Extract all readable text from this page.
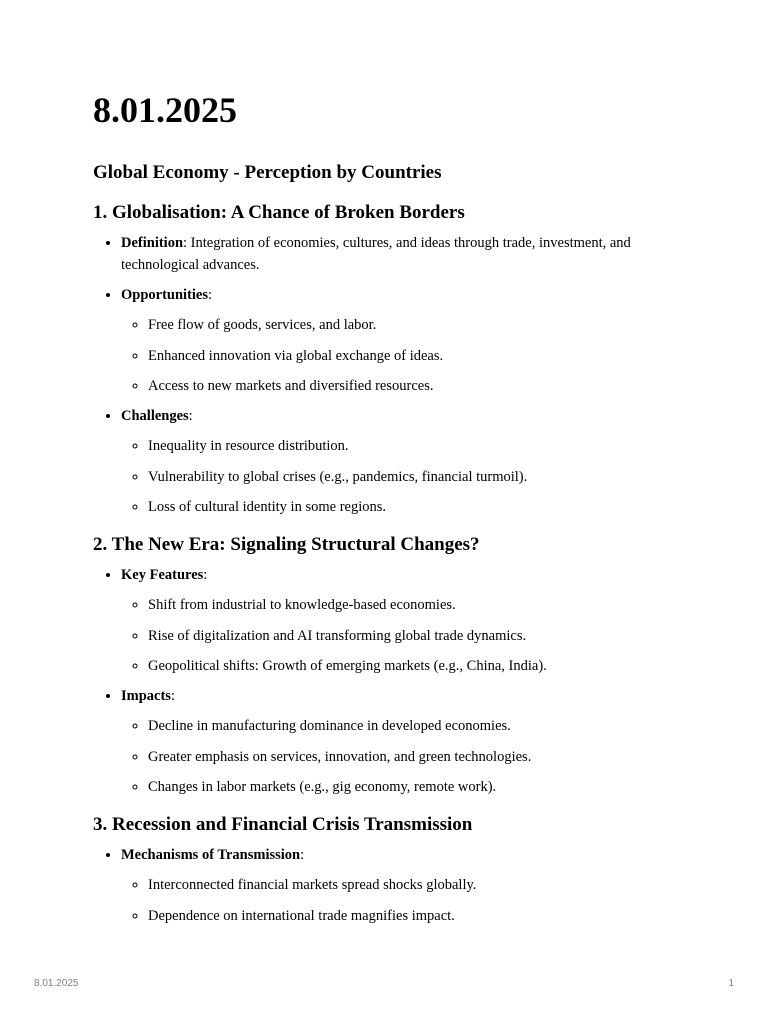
8.01.2025
Global Economy - Perception by Countries
1. Globalisation: A Chance of Broken Borders
• Definition: Integration of economies, cultures, and ideas through trade, investment, and technological advances.
• Opportunities:
◦ Free flow of goods, services, and labor.
◦ Enhanced innovation via global exchange of ideas.
◦ Access to new markets and diversified resources.
• Challenges:
◦ Inequality in resource distribution.
◦ Vulnerability to global crises (e.g., pandemics, financial turmoil).
◦ Loss of cultural identity in some regions.
2. The New Era: Signaling Structural Changes?
• Key Features:
◦ Shift from industrial to knowledge-based economies.
◦ Rise of digitalization and AI transforming global trade dynamics.
◦ Geopolitical shifts: Growth of emerging markets (e.g., China, India).
• Impacts:
◦ Decline in manufacturing dominance in developed economies.
◦ Greater emphasis on services, innovation, and green technologies.
◦ Changes in labor markets (e.g., gig economy, remote work).
3. Recession and Financial Crisis Transmission
• Mechanisms of Transmission:
◦ Interconnected financial markets spread shocks globally.
◦ Dependence on international trade magnifies impact.
8.01.2025	1
